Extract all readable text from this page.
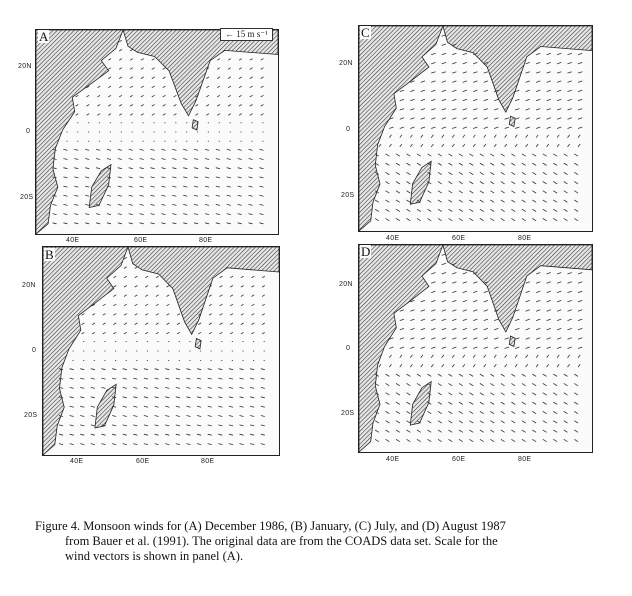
A	← 15 m s⁻¹
20N
0
20S
40E	60E	80E
B
20N
0
20S
40E	60E	80E
C
20N
0
20S
40E	60E	80E
D
20N
0
20S
40E	60E	80E

Figure 4. Monsoon winds for (A) December 1986, (B) January, (C) July, and (D) August 1987

from Bauer et al. (1991). The original data are from the COADS data set. Scale for the

wind vectors is shown in panel (A).
